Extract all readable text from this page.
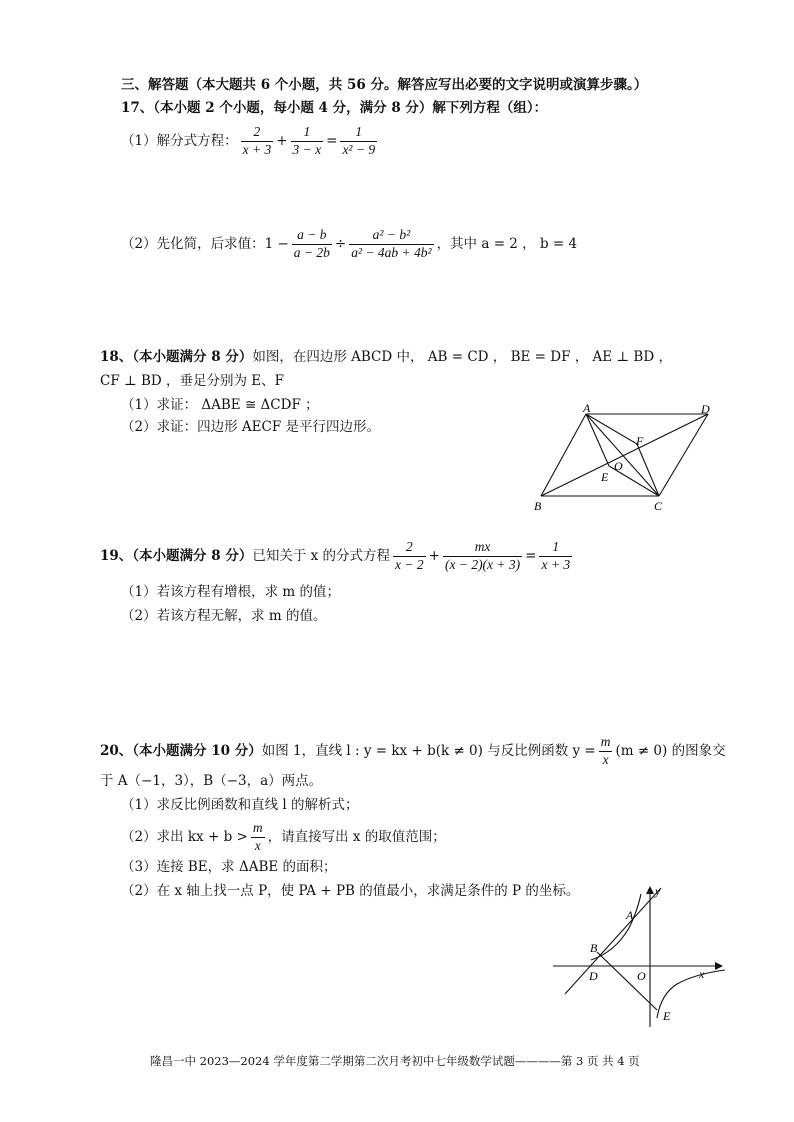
三、解答题（本大题共 6 个小题，共 56 分。解答应写出必要的文字说明或演算步骤。）
17、（本小题 2 个小题，每小题 4 分，满分 8 分）解下列方程（组）：
（1）解分式方程： $\frac{2}{x + 3} + \frac{1}{3 - x} = \frac{1}{\text{x² − 9}}$
（2）先化简，后求值：$1 - \frac{a - b}{a - 2b} \div \frac{\text{a² − b²}}{\text{a² − 4ab + 4b²}}$ ，其中 a = 2 ， b = 4
18、（本小题满分 8 分）如图，在四边形 ABCD 中， AB = CD ， BE = DF ， AE ⊥ BD ，
CF ⊥ BD ，垂足分别为 E、F
（1）求证： ΔABE ≅ ΔCDF ；
（2）求证：四边形 AECF 是平行四边形。
A	D
B	C
F
O
E
19、（本小题满分 8 分）已知关于 x 的分式方程 $\frac{2}{x - 2} + \frac{mx}{(x - 2)(x + 3)} = \frac{1}{x + 3}$
（1）若该方程有增根，求 m 的值；
（2）若该方程无解，求 m 的值。
20、（本小题满分 10 分）如图 1，直线 l : y = kx + b(k ≠ 0) 与反比例函数 $y = \frac{m}{x} (m \ne 0)$ 的图象交
于 A（−1，3），B（−3，a）两点。
（1）求反比例函数和直线 l 的解析式；
（2）求出 kx + $b > \frac{m}{x}$ ，请直接写出 x 的取值范围；
（3）连接 BE，求 ΔABE 的面积；
（2）在 x 轴上找一点 P，使 PA + PB 的值最小，求满足条件的 P 的坐标。
x
y
A
B
D	O
E
隆昌一中 2023—2024 学年度第二学期第二次月考初中七年级数学试题————第 3 页 共 4 页
